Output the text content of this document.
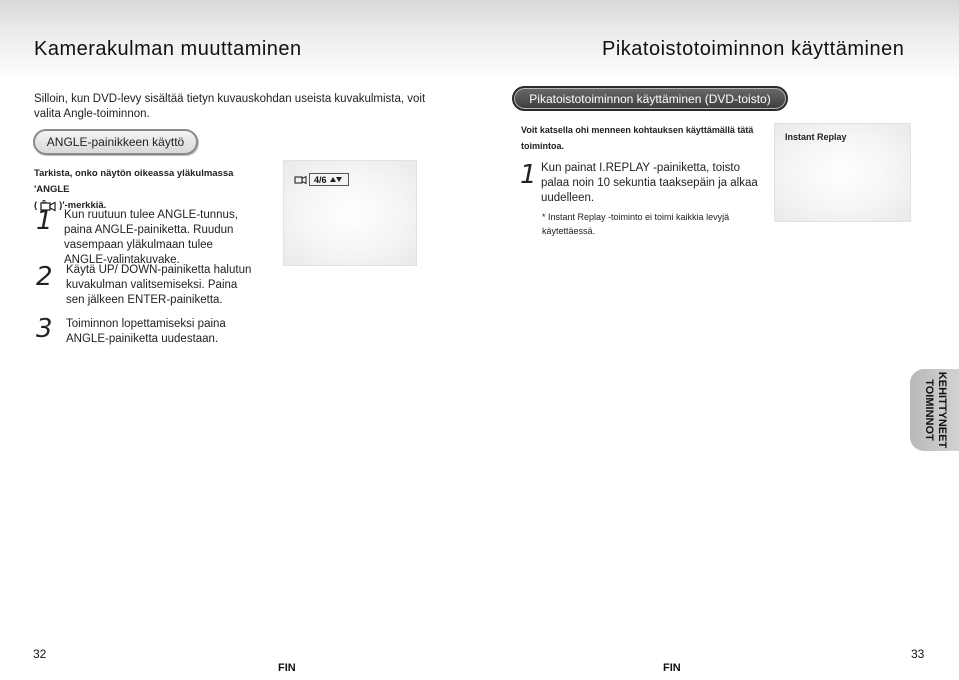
Kamerakulman muuttaminen	Pikatoistotoiminnon käyttäminen
Silloin, kun DVD-levy sisältää tietyn kuvauskohdan useista kuvakulmista, voit valita Angle-toiminnon.
ANGLE-painikkeen käyttö
Tarkista, onko näytön oikeassa yläkulmassa 'ANGLE
( )'-merkkiä.
4/6
1 Kun ruutuun tulee ANGLE-tunnus, paina ANGLE-painiketta. Ruudun vasempaan yläkulmaan tulee ANGLE-valintakuvake.
2 Käytä UP/ DOWN-painiketta halutun kuvakulman valitsemiseksi. Paina sen jälkeen ENTER-painiketta.
3 Toiminnon lopettamiseksi paina ANGLE-painiketta uudestaan.
Pikatoistotoiminnon käyttäminen (DVD-toisto)
Voit katsella ohi menneen kohtauksen käyttämällä tätä toimintoa.
1 Kun painat I.REPLAY -painiketta, toisto palaa noin 10 sekuntia taaksepäin ja alkaa uudelleen.
* Instant Replay -toiminto ei toimi kaikkia levyjä käytettäessä.
Instant Replay
KEHITTYNEET
TOIMINNOT
32
FIN	FIN
33
